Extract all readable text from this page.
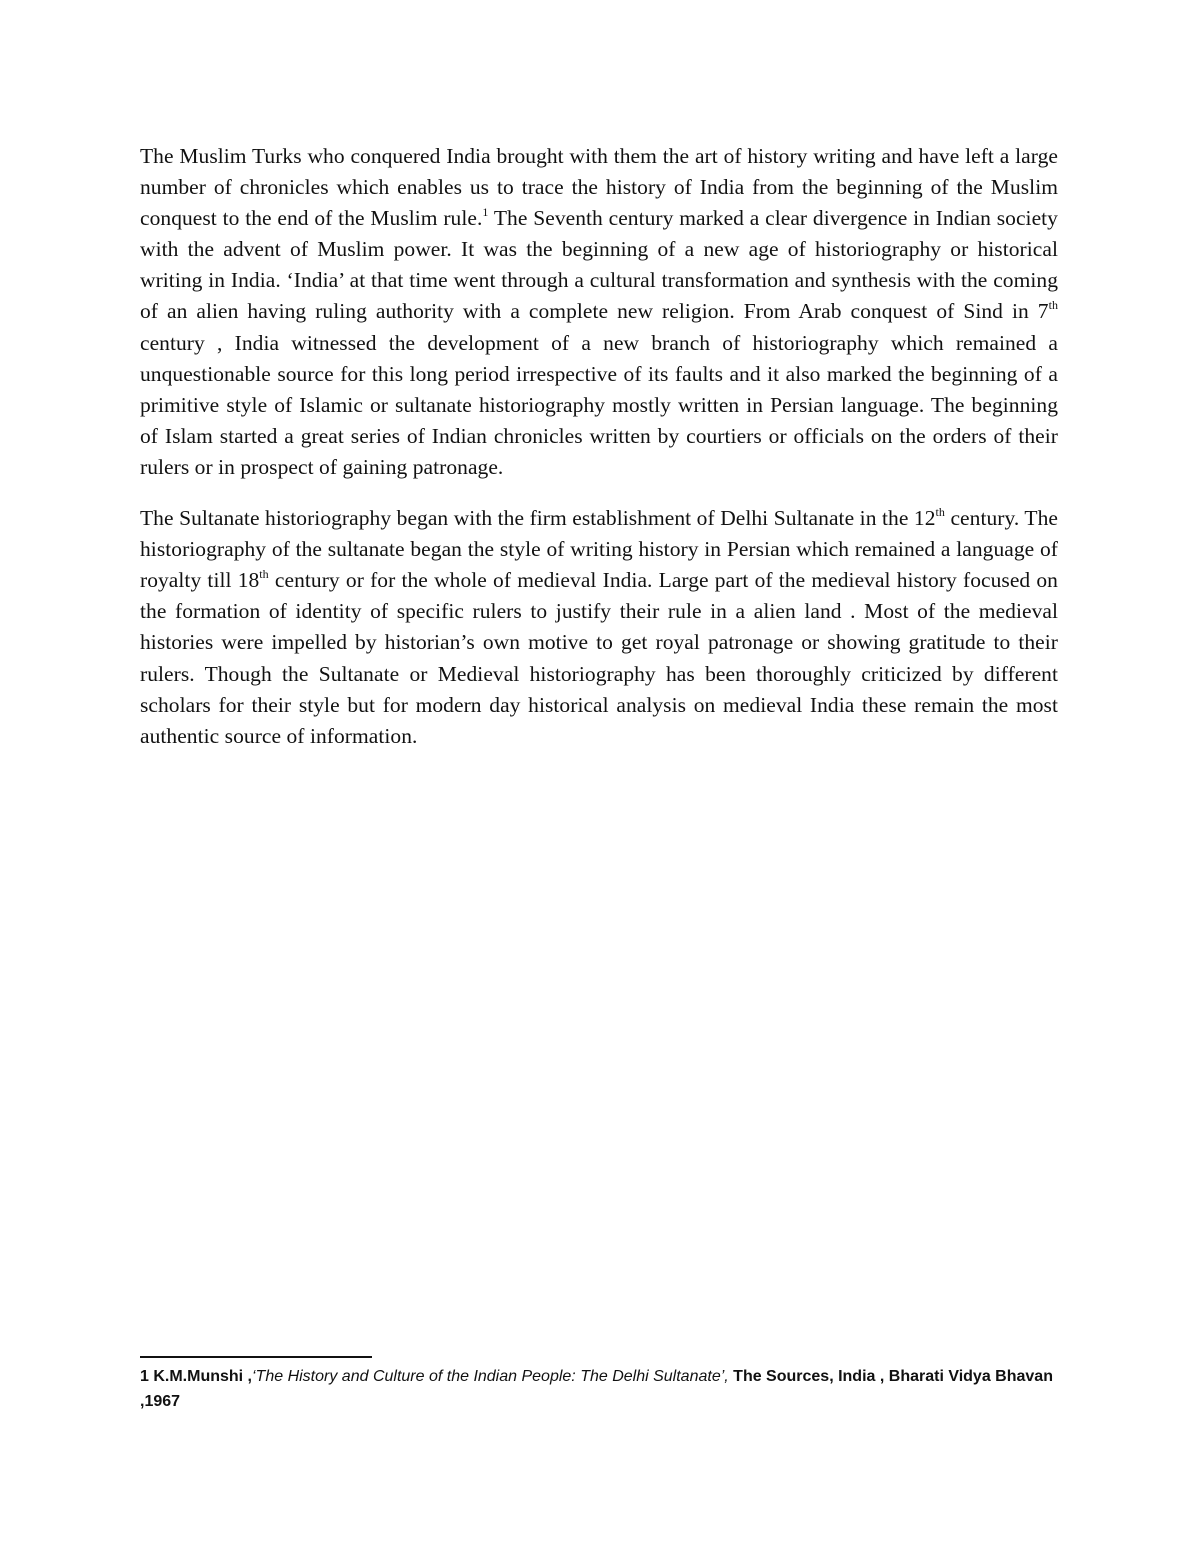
The Muslim Turks who conquered India brought with them the art of history writing and have left a large number of chronicles which enables us to trace the history of India from the beginning of the Muslim conquest to the end of the Muslim rule.$^1$ The Seventh century marked a clear divergence in Indian society with the advent of Muslim power. It was the beginning of a new age of historiography or historical writing in India. ‘India’ at that time went through a cultural transformation and synthesis with the coming of an alien having ruling authority with a complete new religion. From Arab conquest of Sind in 7th century , India witnessed the development of a new branch of historiography which remained a unquestionable source for this long period irrespective of its faults and it also marked the beginning of a primitive style of Islamic or sultanate historiography mostly written in Persian language. The beginning of Islam started a great series of Indian chronicles written by courtiers or officials on the orders of their rulers or in prospect of gaining patronage.

The Sultanate historiography began with the firm establishment of Delhi Sultanate in the 12th century. The historiography of the sultanate began the style of writing history in Persian which remained a language of royalty till 18th century or for the whole of medieval India. Large part of the medieval history focused on the formation of identity of specific rulers to justify their rule in a alien land . Most of the medieval histories were impelled by historian’s own motive to get royal patronage or showing gratitude to their rulers. Though the Sultanate or Medieval historiography has been thoroughly criticized by different scholars for their style but for modern day historical analysis on medieval India these remain the most authentic source of information.

1 K.M.Munshi ,‘The History and Culture of the Indian People: The Delhi Sultanate’, The Sources, India , Bharati Vidya Bhavan ,1967
